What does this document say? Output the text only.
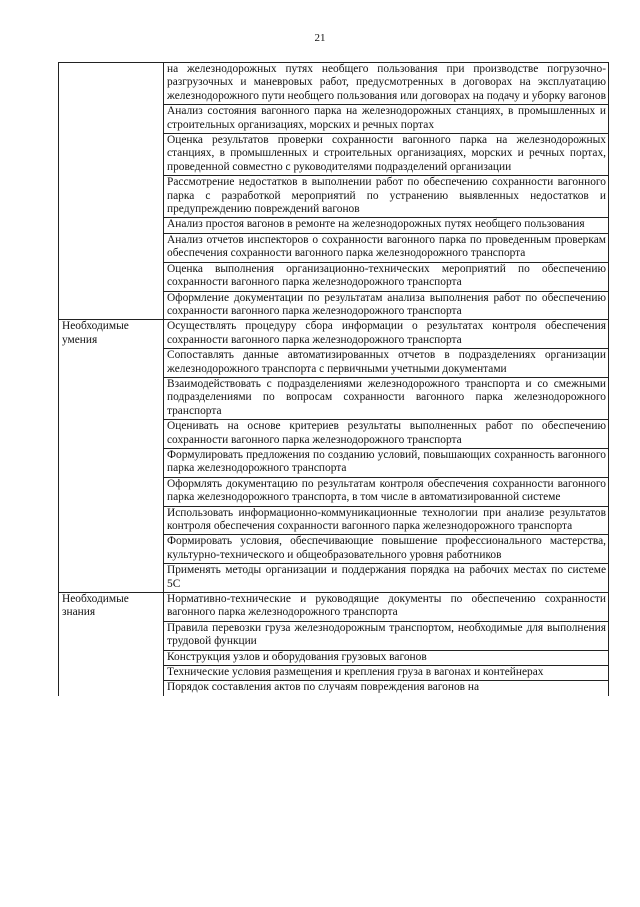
21
	на железнодорожных путях необщего пользования при производстве погрузочно-разгрузочных и маневровых работ, предусмотренных в договорах на эксплуатацию железнодорожного пути необщего пользования или договорах на подачу и уборку вагонов
	Анализ состояния вагонного парка на железнодорожных станциях, в промышленных и строительных организациях, морских и речных портах
	Оценка результатов проверки сохранности вагонного парка на железнодорожных станциях, в промышленных и строительных организациях, морских и речных портах, проведенной совместно с руководителями подразделений организации
	Рассмотрение недостатков в выполнении работ по обеспечению сохранности вагонного парка с разработкой мероприятий по устранению выявленных недостатков и предупреждению повреждений вагонов
	Анализ простоя вагонов в ремонте на железнодорожных путях необщего пользования
	Анализ отчетов инспекторов о сохранности вагонного парка по проведенным проверкам обеспечения сохранности вагонного парка железнодорожного транспорта
	Оценка выполнения организационно-технических мероприятий по обеспечению сохранности вагонного парка железнодорожного транспорта
	Оформление документации по результатам анализа выполнения работ по обеспечению сохранности вагонного парка железнодорожного транспорта
Необходимые умения	Осуществлять процедуру сбора информации о результатах контроля обеспечения сохранности вагонного парка железнодорожного транспорта
	Сопоставлять данные автоматизированных отчетов в подразделениях организации железнодорожного транспорта с первичными учетными документами
	Взаимодействовать с подразделениями железнодорожного транспорта и со смежными подразделениями по вопросам сохранности вагонного парка железнодорожного транспорта
	Оценивать на основе критериев результаты выполненных работ по обеспечению сохранности вагонного парка железнодорожного транспорта
	Формулировать предложения по созданию условий, повышающих сохранность вагонного парка железнодорожного транспорта
	Оформлять документацию по результатам контроля обеспечения сохранности вагонного парка железнодорожного транспорта, в том числе в автоматизированной системе
	Использовать информационно-коммуникационные технологии при анализе результатов контроля обеспечения сохранности вагонного парка железнодорожного транспорта
	Формировать условия, обеспечивающие повышение профессионального мастерства, культурно-технического и общеобразовательного уровня работников
	Применять методы организации и поддержания порядка на рабочих местах по системе 5С
Необходимые знания	Нормативно-технические и руководящие документы по обеспечению сохранности вагонного парка железнодорожного транспорта
	Правила перевозки груза железнодорожным транспортом, необходимые для выполнения трудовой функции
	Конструкция узлов и оборудования грузовых вагонов
	Технические условия размещения и крепления груза в вагонах и контейнерах
	Порядок составления актов по случаям повреждения вагонов на
